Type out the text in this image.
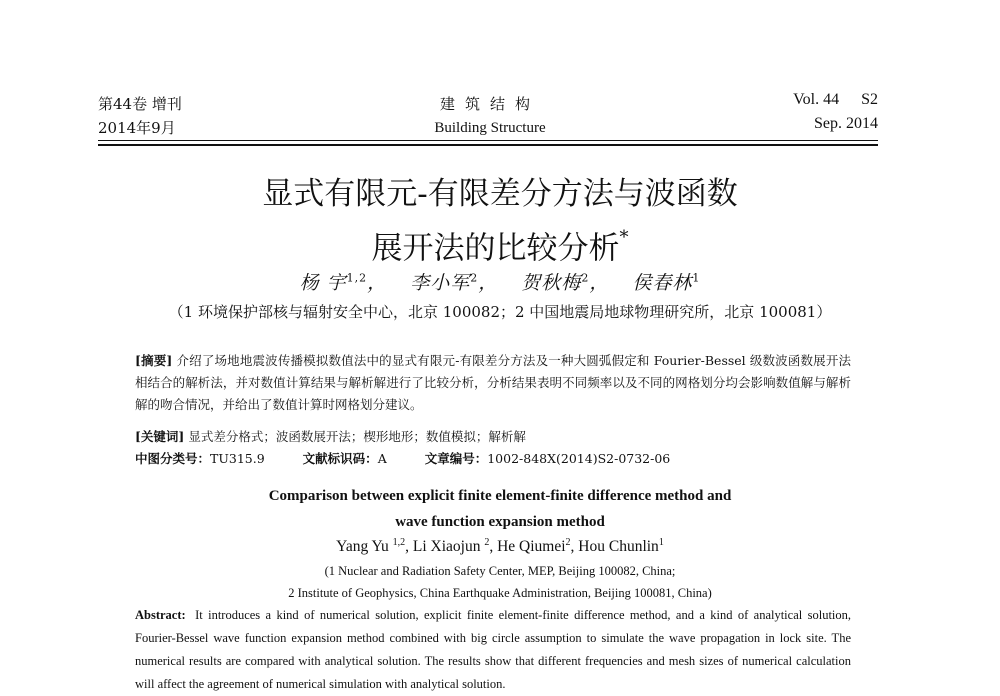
第44卷 增刊
2014年9月
建筑结构
Building Structure
Vol. 44 S2
Sep. 2014
显式有限元-有限差分方法与波函数
展开法的比较分析*
杨 宇$^{1,2}$， 李小军$^2$， 贺秋梅$^2$， 侯春林$^1$
（1 环境保护部核与辐射安全中心，北京 100082；2 中国地震局地球物理研究所，北京 100081）
[摘要] 介绍了场地地震波传播模拟数值法中的显式有限元-有限差分方法及一种大圆弧假定和 Fourier-Bessel 级数波函数展开法相结合的解析法，并对数值计算结果与解析解进行了比较分析，分析结果表明不同频率以及不同的网格划分均会影响数值解与解析解的吻合情况，并给出了数值计算时网格划分建议。
[关键词] 显式差分格式；波函数展开法；楔形地形；数值模拟；解析解
中图分类号：TU315.9	文献标识码：A	文章编号：1002-848X(2014)S2-0732-06
Comparison between explicit finite element-finite difference method and
wave function expansion method
Yang Yu $^{1,2}$, Li Xiaojun $^2$, He Qiumei$^2$, Hou Chunlin$^1$
(1 Nuclear and Radiation Safety Center, MEP, Beijing 100082, China;
2 Institute of Geophysics, China Earthquake Administration, Beijing 100081, China)
Abstract: It introduces a kind of numerical solution, explicit finite element-finite difference method, and a kind of analytical solution, Fourier-Bessel wave function expansion method combined with big circle assumption to simulate the wave propagation in lock site. The numerical results are compared with analytical solution. The results show that different frequencies and mesh sizes of numerical calculation will affect the agreement of numerical simulation with analytical solution.
